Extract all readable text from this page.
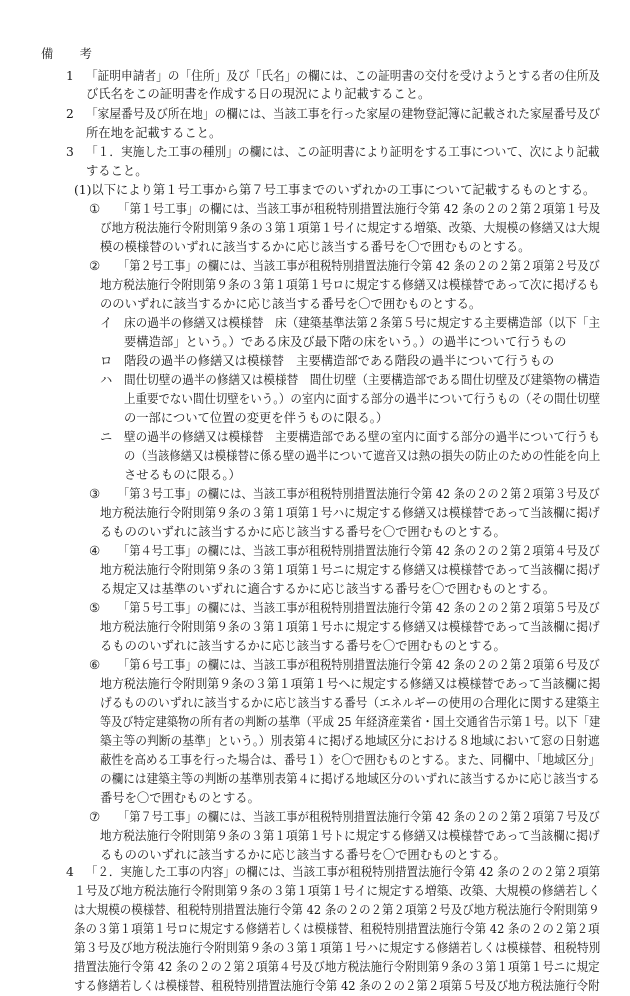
備　考
1 「証明申請者」の「住所」及び「氏名」の欄には、この証明書の交付を受けようとする者の住所及
び氏名をこの証明書を作成する日の現況により記載すること。
2 「家屋番号及び所在地」の欄には、当該工事を行った家屋の建物登記簿に記載された家屋番号及び
所在地を記載すること。
3 「１．実施した工事の種別」の欄には、この証明書により証明をする工事について、次により記載
すること。
(1)以下により第１号工事から第７号工事までのいずれかの工事について記載するものとする。
① 「第１号工事」の欄には、当該工事が租税特別措置法施行令第 42 条の２の２第２項第１号及
び地方税法施行令附則第９条の３第１項第１号イに規定する増築、改築、大規模の修繕又は大規
模の模様替のいずれに該当するかに応じ該当する番号を〇で囲むものとする。
② 「第２号工事」の欄には、当該工事が租税特別措置法施行令第 42 条の２の２第２項第２号及び
地方税法施行令附則第９条の３第１項第１号ロに規定する修繕又は模様替であって次に掲げるも
ののいずれに該当するかに応じ該当する番号を〇で囲むものとする。
イ 床の過半の修繕又は模様替　床（建築基準法第２条第５号に規定する主要構造部（以下「主
要構造部」という。）である床及び最下階の床をいう。）の過半について行うもの
ロ 階段の過半の修繕又は模様替　主要構造部である階段の過半について行うもの
ハ 間仕切壁の過半の修繕又は模様替　間仕切壁（主要構造部である間仕切壁及び建築物の構造
上重要でない間仕切壁をいう。）の室内に面する部分の過半について行うもの（その間仕切壁
の一部について位置の変更を伴うものに限る。）
ニ 壁の過半の修繕又は模様替　主要構造部である壁の室内に面する部分の過半について行うも
の（当該修繕又は模様替に係る壁の過半について遮音又は熱の損失の防止のための性能を向上
させるものに限る。）
③ 「第３号工事」の欄には、当該工事が租税特別措置法施行令第 42 条の２の２第２項第３号及び
地方税法施行令附則第９条の３第１項第１号ハに規定する修繕又は模様替であって当該欄に掲げ
るもののいずれに該当するかに応じ該当する番号を〇で囲むものとする。
④ 「第４号工事」の欄には、当該工事が租税特別措置法施行令第 42 条の２の２第２項第４号及び
地方税法施行令附則第９条の３第１項第１号ニに規定する修繕又は模様替であって当該欄に掲げ
る規定又は基準のいずれに適合するかに応じ該当する番号を〇で囲むものとする。
⑤ 「第５号工事」の欄には、当該工事が租税特別措置法施行令第 42 条の２の２第２項第５号及び
地方税法施行令附則第９条の３第１項第１号ホに規定する修繕又は模様替であって当該欄に掲げ
るもののいずれに該当するかに応じ該当する番号を〇で囲むものとする。
⑥ 「第６号工事」の欄には、当該工事が租税特別措置法施行令第 42 条の２の２第２項第６号及び
地方税法施行令附則第９条の３第１項第１号へに規定する修繕又は模様替であって当該欄に掲
げるもののいずれに該当するかに応じ該当する番号（エネルギーの使用の合理化に関する建築主
等及び特定建築物の所有者の判断の基準（平成 25 年経済産業省・国土交通省告示第１号。以下「建
築主等の判断の基準」という。）別表第４に掲げる地域区分における８地域において窓の日射遮
蔽性を高める工事を行った場合は、番号１）を〇で囲むものとする。また、同欄中、「地域区分」
の欄には建築主等の判断の基準別表第４に掲げる地域区分のいずれに該当するかに応じ該当する
番号を〇で囲むものとする。
⑦ 「第７号工事」の欄には、当該工事が租税特別措置法施行令第 42 条の２の２第２項第７号及び
地方税法施行令附則第９条の３第１項第１号トに規定する修繕又は模様替であって当該欄に掲げ
るもののいずれに該当するかに応じ該当する番号を〇で囲むものとする。
4 「２．実施した工事の内容」の欄には、当該工事が租税特別措置法施行令第 42 条の２の２第２項第
１号及び地方税法施行令附則第９条の３第１項第１号イに規定する増築、改築、大規模の修繕若しく
は大規模の模様替、租税特別措置法施行令第 42 条の２の２第２項第２号及び地方税法施行令附則第９
条の３第１項第１号ロに規定する修繕若しくは模様替、租税特別措置法施行令第 42 条の２の２第２項
第３号及び地方税法施行令附則第９条の３第１項第１号ハに規定する修繕若しくは模様替、租税特別
措置法施行令第 42 条の２の２第２項第４号及び地方税法施行令附則第９条の３第１項第１号ニに規定
する修繕若しくは模様替、租税特別措置法施行令第 42 条の２の２第２項第５号及び地方税法施行令附
